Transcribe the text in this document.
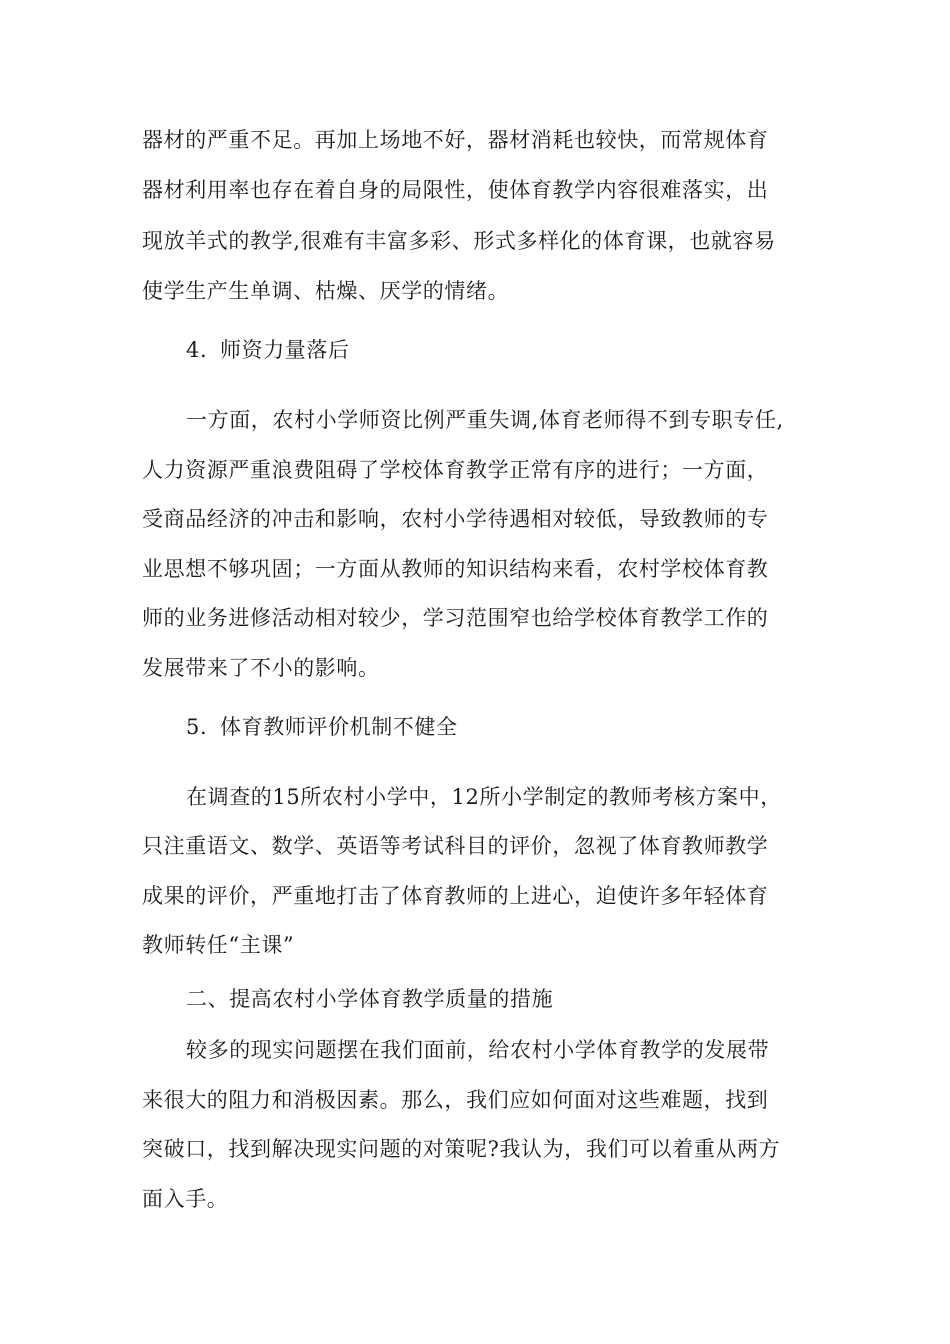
器材的严重不足。再加上场地不好，器材消耗也较快，而常规体育
器材利用率也存在着自身的局限性，使体育教学内容很难落实，出
现放羊式的教学,很难有丰富多彩、形式多样化的体育课，也就容易
使学生产生单调、枯燥、厌学的情绪。
4. 师资力量落后
一方面，农村小学师资比例严重失调,体育老师得不到专职专任,
人力资源严重浪费阻碍了学校体育教学正常有序的进行；一方面，
受商品经济的冲击和影响，农村小学待遇相对较低，导致教师的专
业思想不够巩固；一方面从教师的知识结构来看，农村学校体育教
师的业务进修活动相对较少，学习范围窄也给学校体育教学工作的
发展带来了不小的影响。
5. 体育教师评价机制不健全
在调查的15所农村小学中，12所小学制定的教师考核方案中，
只注重语文、数学、英语等考试科目的评价，忽视了体育教师教学
成果的评价，严重地打击了体育教师的上进心，迫使许多年轻体育
教师转任“主课”
二、提高农村小学体育教学质量的措施
较多的现实问题摆在我们面前，给农村小学体育教学的发展带
来很大的阻力和消极因素。那么，我们应如何面对这些难题，找到
突破口，找到解决现实问题的对策呢?我认为，我们可以着重从两方
面入手。
